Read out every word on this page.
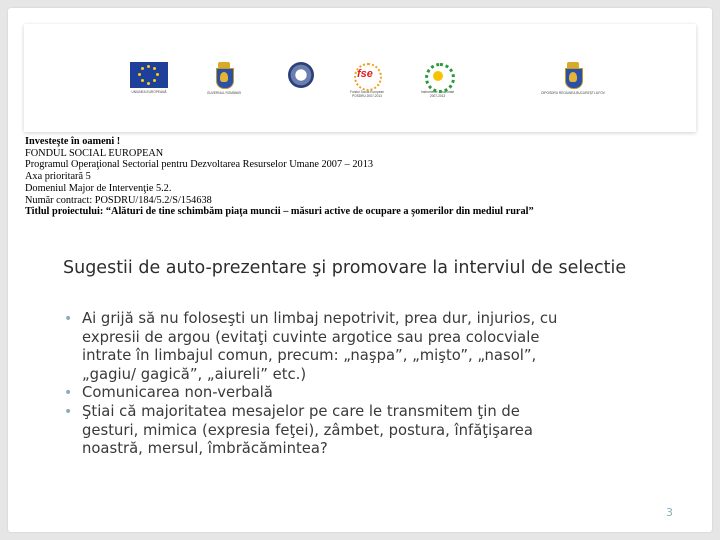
UNIUNEA EUROPEANĂ	GUVERNUL ROMÂNIEI
fse
Fondul Social European
POSDRU 2007-2013
Instrumente Structurale
2007-2013
OIPOSDRU REGIUNEA BUCUREŞTI-ILFOV
Investeşte în oameni !
FONDUL SOCIAL EUROPEAN
Programul Operaţional Sectorial pentru Dezvoltarea Resurselor Umane 2007 – 2013
Axa prioritară 5
Domeniul Major de Intervenţie 5.2.
Număr contract: POSDRU/184/5.2/S/154638
Titlul proiectului: “Alături de tine schimbăm piaţa muncii – măsuri active de ocupare a şomerilor din mediul rural”
Sugestii de auto-prezentare şi promovare la interviul de selectie
• Ai grijă să nu foloseşti un limbaj nepotrivit, prea dur, injurios, cu
expresii de argou (evitaţi cuvinte argotice sau prea colocviale
intrate în limbajul comun, precum: „naşpa”, „mişto”, „nasol”,
„gagiu/ gagică”, „aiureli” etc.)
• Comunicarea non-verbală
• Ştiai că majoritatea mesajelor pe care le transmitem ţin de
gesturi, mimica (expresia feţei), zâmbet, postura, înfăţişarea
noastră, mersul, îmbrăcămintea?
3
